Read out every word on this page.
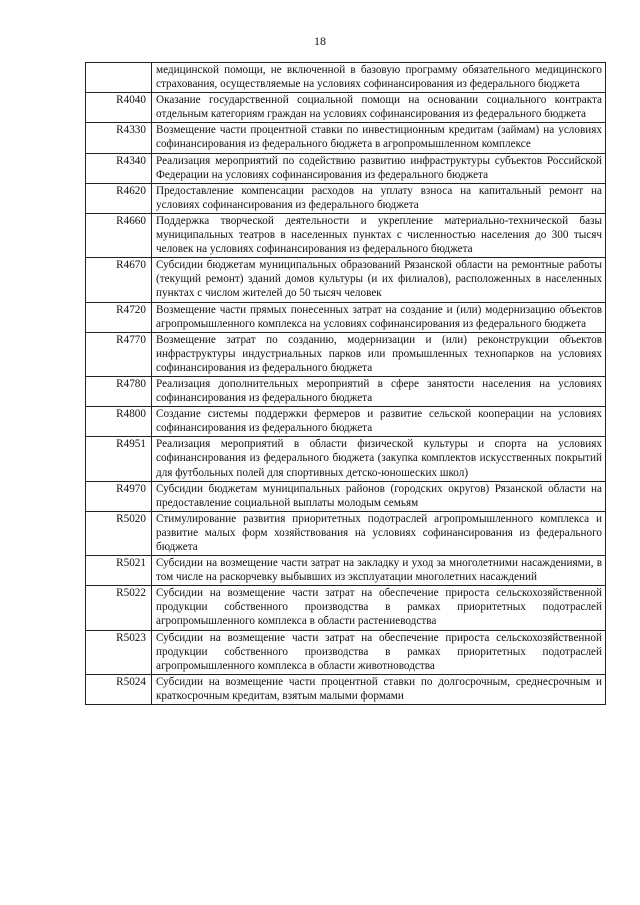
18
	медицинской помощи, не включенной в базовую программу обязательного медицинского страхования, осуществляемые на условиях софинансирования из федерального бюджета
R4040	Оказание государственной социальной помощи на основании социального контракта отдельным категориям граждан на условиях софинансирования из федерального бюджета
R4330	Возмещение части процентной ставки по инвестиционным кредитам (займам) на условиях софинансирования из федерального бюджета в агропромышленном комплексе
R4340	Реализация мероприятий по содействию развитию инфраструктуры субъектов Российской Федерации на условиях софинансирования из федерального бюджета
R4620	Предоставление компенсации расходов на уплату взноса на капитальный ремонт на условиях софинансирования из федерального бюджета
R4660	Поддержка творческой деятельности и укрепление материально-технической базы муниципальных театров в населенных пунктах с численностью населения до 300 тысяч человек на условиях софинансирования из федерального бюджета
R4670	Субсидии бюджетам муниципальных образований Рязанской области на ремонтные работы (текущий ремонт) зданий домов культуры (и их филиалов), расположенных в населенных пунктах с числом жителей до 50 тысяч человек
R4720	Возмещение части прямых понесенных затрат на создание и (или) модернизацию объектов агропромышленного комплекса на условиях софинансирования из федерального бюджета
R4770	Возмещение затрат по созданию, модернизации и (или) реконструкции объектов инфраструктуры индустриальных парков или промышленных технопарков на условиях софинансирования из федерального бюджета
R4780	Реализация дополнительных мероприятий в сфере занятости населения на условиях софинансирования из федерального бюджета
R4800	Создание системы поддержки фермеров и развитие сельской кооперации на условиях софинансирования из федерального бюджета
R4951	Реализация мероприятий в области физической культуры и спорта на условиях софинансирования из федерального бюджета (закупка комплектов искусственных покрытий для футбольных полей для спортивных детско-юношеских школ)
R4970	Субсидии бюджетам муниципальных районов (городских округов) Рязанской области на предоставление социальной выплаты молодым семьям
R5020	Стимулирование развития приоритетных подотраслей агропромышленного комплекса и развитие малых форм хозяйствования на условиях софинансирования из федерального бюджета
R5021	Субсидии на возмещение части затрат на закладку и уход за многолетними насаждениями, в том числе на раскорчевку выбывших из эксплуатации многолетних насаждений
R5022	Субсидии на возмещение части затрат на обеспечение прироста сельскохозяйственной продукции собственного производства в рамках приоритетных подотраслей агропромышленного комплекса в области растениеводства
R5023	Субсидии на возмещение части затрат на обеспечение прироста сельскохозяйственной продукции собственного производства в рамках приоритетных подотраслей агропромышленного комплекса в области животноводства
R5024	Субсидии на возмещение части процентной ставки по долгосрочным, среднесрочным и краткосрочным кредитам, взятым малыми формами
